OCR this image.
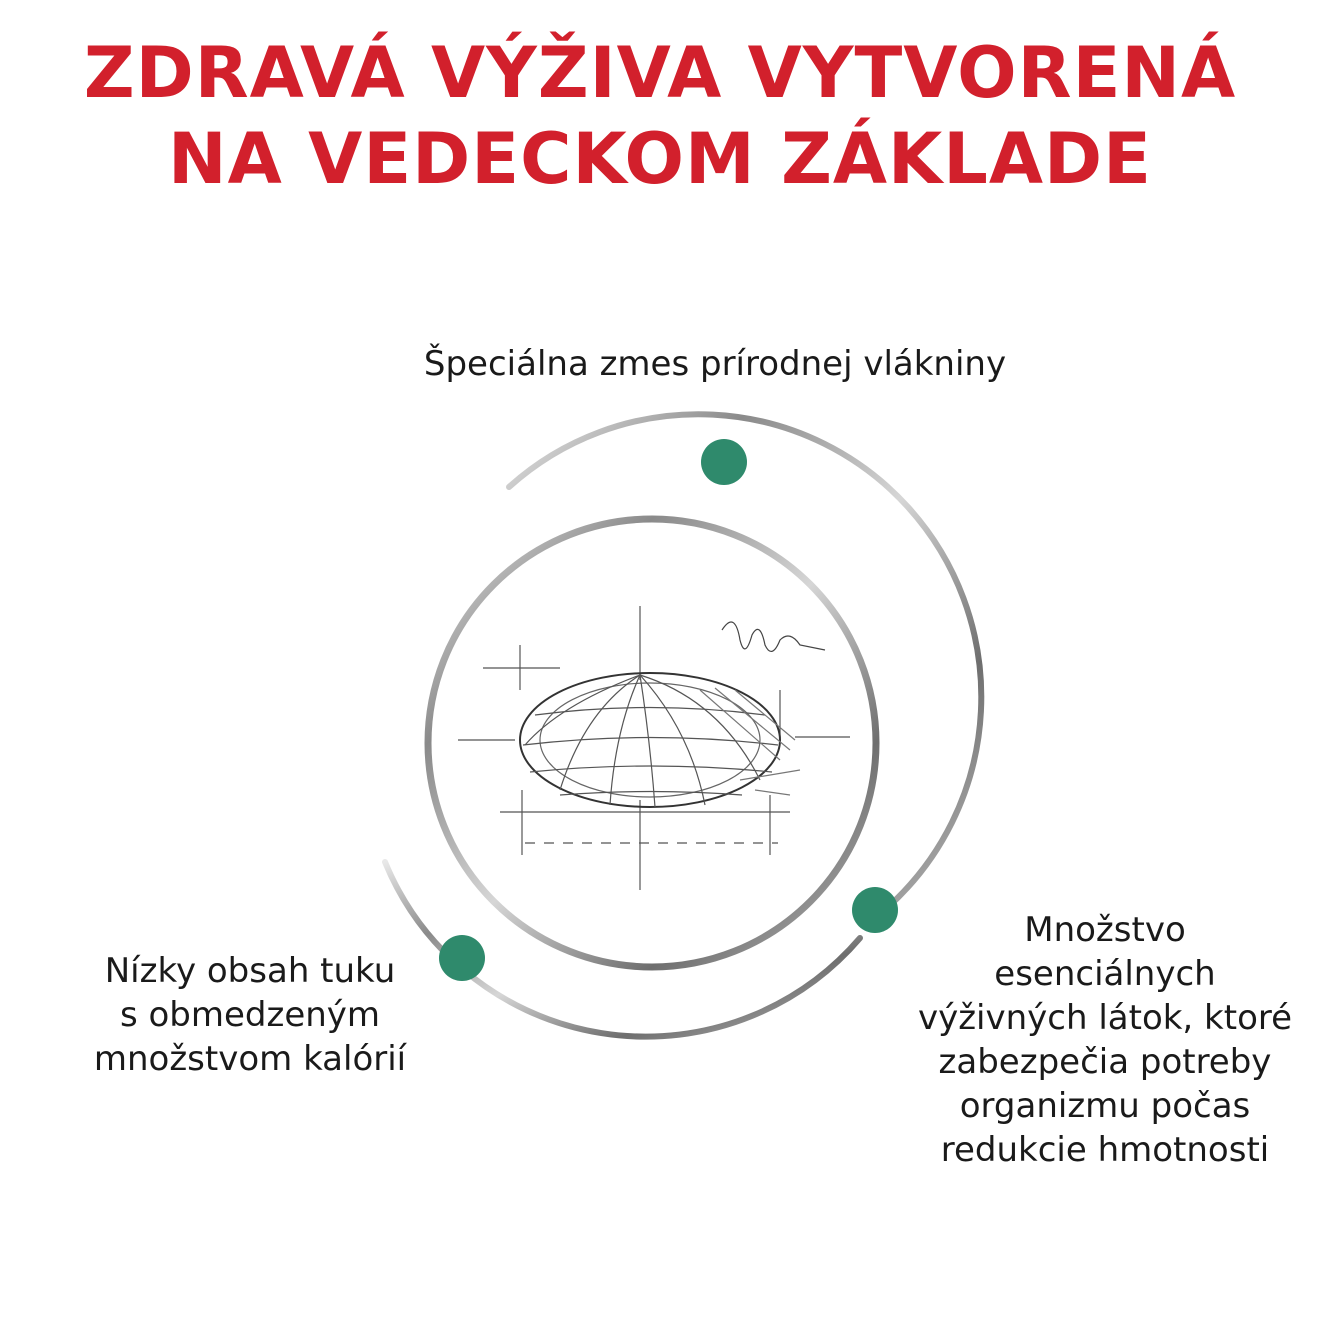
ZDRAVÁ VÝŽIVA VYTVORENÁ
NA VEDECKOM ZÁKLADE

Špeciálna zmes prírodnej vlákniny

Nízky obsah tuku
s obmedzeným
množstvom kalórií

Množstvo
esenciálnych
výživných látok, ktoré
zabezpečia potreby
organizmu počas
redukcie hmotnosti
